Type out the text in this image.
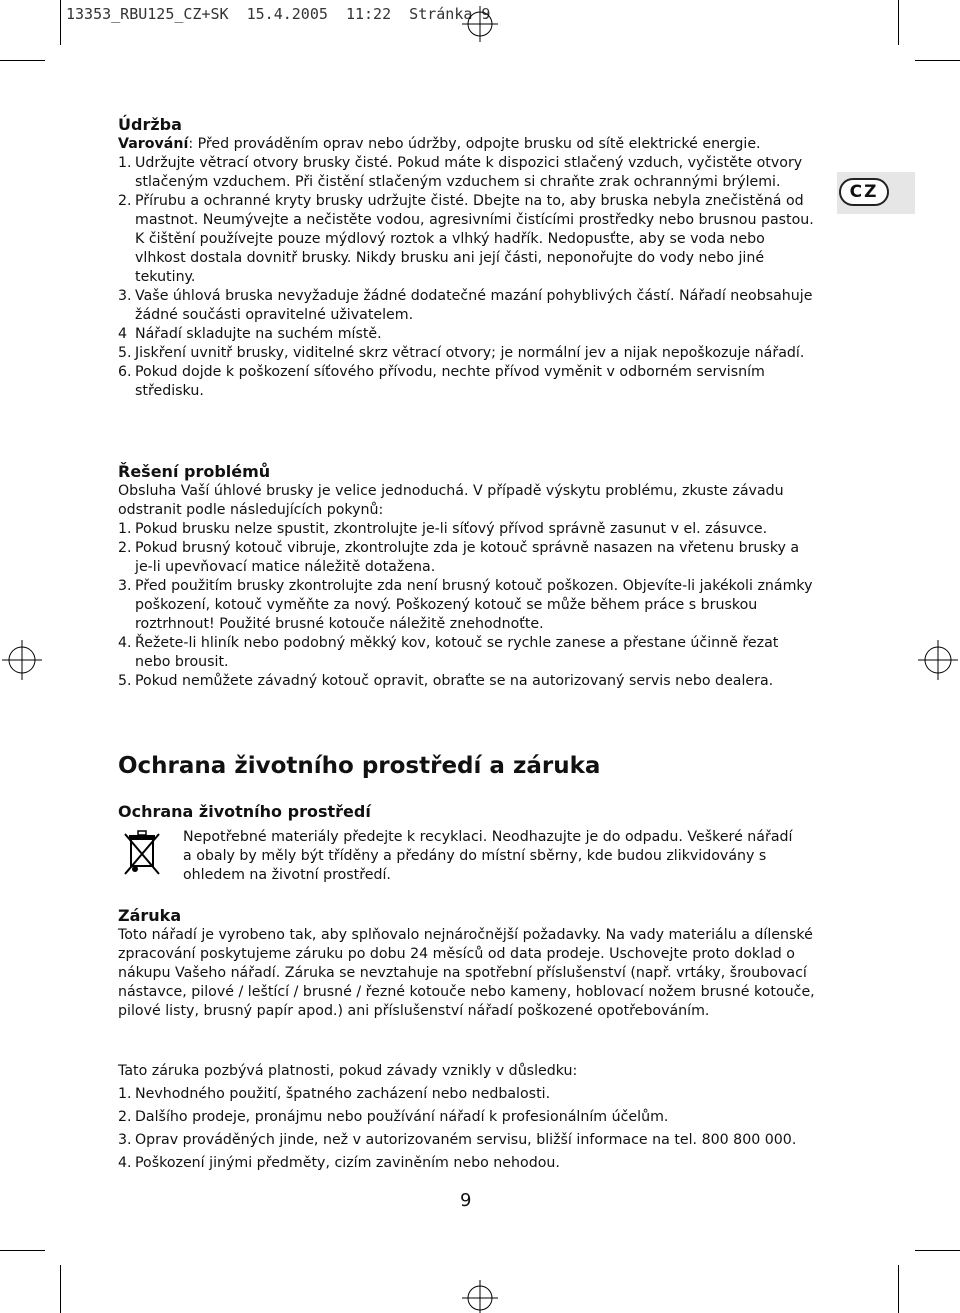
13353_RBU125_CZ+SK  15.4.2005  11:22  Stránka 9
CZ
Údržba

Varování: Před prováděním oprav nebo údržby, odpojte brusku od sítě elektrické energie.

1. Udržujte větrací otvory brusky čisté. Pokud máte k dispozici stlačený vzduch, vyčistěte otvory stlačeným vzduchem. Při čistění stlačeným vzduchem si chraňte zrak ochrannými brýlemi.
2. Přírubu a ochranné kryty brusky udržujte čisté. Dbejte na to, aby bruska nebyla znečistěná od mastnot. Neumývejte a nečistěte vodou, agresivními čistícími prostředky nebo brusnou pastou. K čištění používejte pouze mýdlový roztok a vlhký hadřík. Nedopusťte, aby se voda nebo vlhkost dostala dovnitř brusky. Nikdy brusku ani její části, neponořujte do vody nebo jiné tekutiny.
3. Vaše úhlová bruska nevyžaduje žádné dodatečné mazání pohyblivých částí. Nářadí neobsahuje žádné součásti opravitelné uživatelem.
4 Nářadí skladujte na suchém místě.
5. Jiskření uvnitř brusky, viditelné skrz větrací otvory; je normální jev a nijak nepoškozuje nářadí.
6. Pokud dojde k poškození síťového přívodu, nechte přívod vyměnit v odborném servisním středisku.
Řešení problémů

Obsluha Vaší úhlové brusky je velice jednoduchá. V případě výskytu problému, zkuste závadu odstranit podle následujících pokynů:

1. Pokud brusku nelze spustit, zkontrolujte je-li síťový přívod správně zasunut v el. zásuvce.
2. Pokud brusný kotouč vibruje, zkontrolujte zda je kotouč správně nasazen na vřetenu brusky a je-li upevňovací matice náležitě dotažena.
3. Před použitím brusky zkontrolujte zda není brusný kotouč poškozen. Objevíte-li jakékoli známky poškození, kotouč vyměňte za nový. Poškozený kotouč se může během práce s bruskou roztrhnout! Použité brusné kotouče náležitě znehodnoťte.
4. Řežete-li hliník nebo podobný měkký kov, kotouč se rychle zanese a přestane účinně řezat nebo brousit.
5. Pokud nemůžete závadný kotouč opravit, obraťte se na autorizovaný servis nebo dealera.
Ochrana životního prostředí a záruka
Ochrana životního prostředí

Nepotřebné materiály předejte k recyklaci. Neodhazujte je do odpadu. Veškeré nářadí a obaly by měly být tříděny a předány do místní sběrny, kde budou zlikvidovány s ohledem na životní prostředí.

Záruka

Toto nářadí je vyrobeno tak, aby splňovalo nejnáročnější požadavky. Na vady materiálu a dílenské zpracování poskytujeme záruku po dobu 24 měsíců od data prodeje. Uschovejte proto doklad o nákupu Vašeho nářadí. Záruka se nevztahuje na spotřební příslušenství (např. vrtáky, šroubovací nástavce, pilové / leštící / brusné / řezné kotouče nebo kameny, hoblovací nožem brusné kotouče, pilové listy, brusný papír apod.) ani příslušenství nářadí poškozené opotřebováním.

Tato záruka pozbývá platnosti, pokud závady vznikly v důsledku:

1. Nevhodného použití, špatného zacházení nebo nedbalosti.
2. Dalšího prodeje, pronájmu nebo používání nářadí k profesionálním účelům.
3. Oprav prováděných jinde, než v autorizovaném servisu, bližší informace na tel. 800 800 000.
4. Poškození jinými předměty, cizím zaviněním nebo nehodou.
9
